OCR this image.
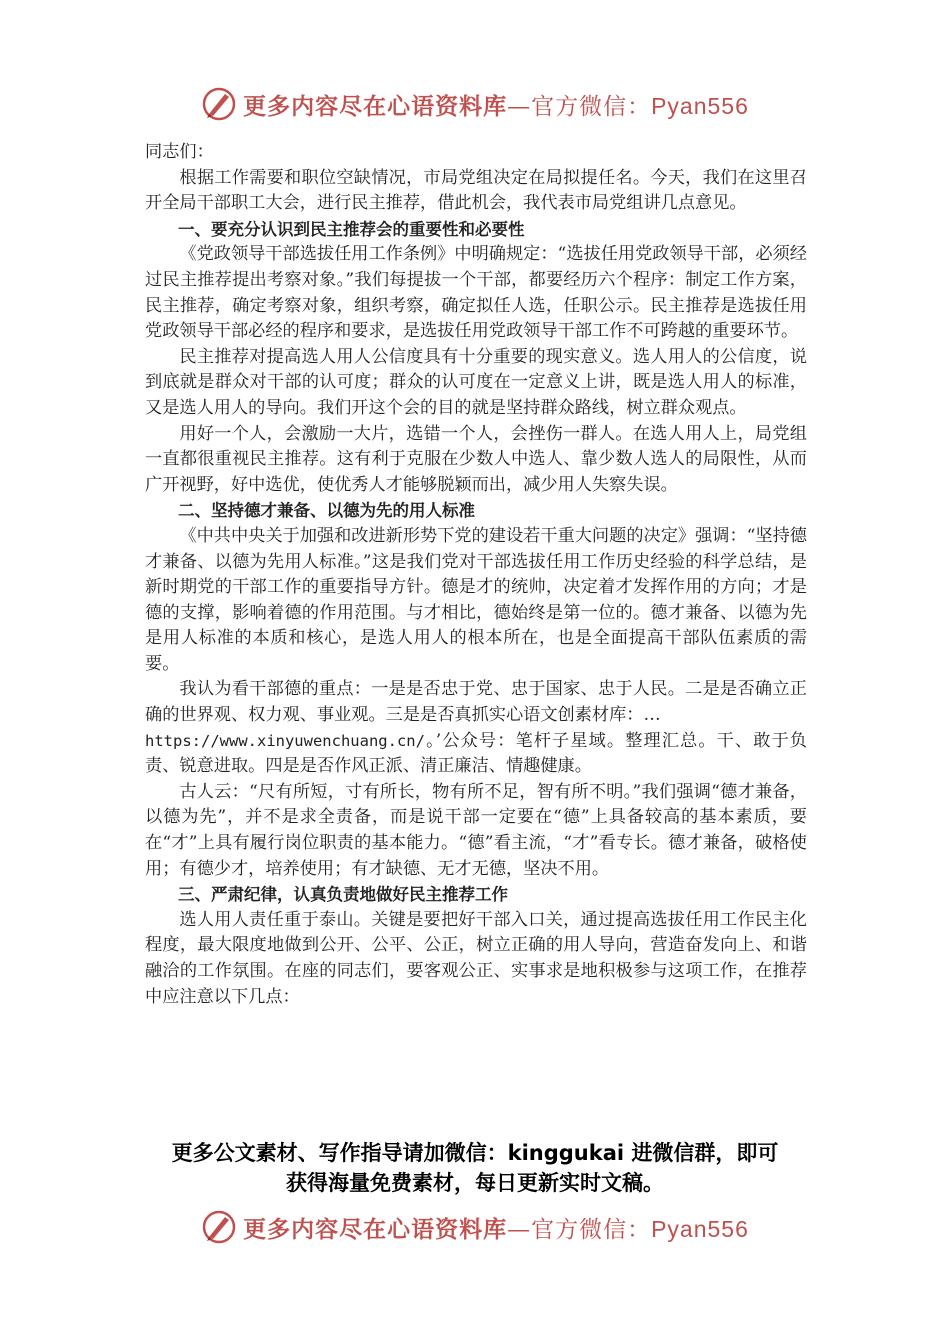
更多内容尽在心语资料库—官方微信：Pyan556

同志们：

根据工作需要和职位空缺情况，市局党组决定在局拟提任名。今天，我们在这里召开全局干部职工大会，进行民主推荐，借此机会，我代表市局党组讲几点意见。

一、要充分认识到民主推荐会的重要性和必要性

《党政领导干部选拔任用工作条例》中明确规定：“选拔任用党政领导干部，必须经过民主推荐提出考察对象。”我们每提拔一个干部，都要经历六个程序：制定工作方案，民主推荐，确定考察对象，组织考察，确定拟任人选，任职公示。民主推荐是选拔任用党政领导干部必经的程序和要求，是选拔任用党政领导干部工作不可跨越的重要环节。

民主推荐对提高选人用人公信度具有十分重要的现实意义。选人用人的公信度，说到底就是群众对干部的认可度；群众的认可度在一定意义上讲，既是选人用人的标准，又是选人用人的导向。我们开这个会的目的就是坚持群众路线，树立群众观点。

用好一个人，会激励一大片，选错一个人，会挫伤一群人。在选人用人上，局党组一直都很重视民主推荐。这有利于克服在少数人中选人、靠少数人选人的局限性，从而广开视野，好中选优，使优秀人才能够脱颖而出，减少用人失察失误。

二、坚持德才兼备、以德为先的用人标准

《中共中央关于加强和改进新形势下党的建设若干重大问题的决定》强调：“坚持德才兼备、以德为先用人标准。”这是我们党对干部选拔任用工作历史经验的科学总结，是新时期党的干部工作的重要指导方针。德是才的统帅，决定着才发挥作用的方向；才是德的支撑，影响着德的作用范围。与才相比，德始终是第一位的。德才兼备、以德为先是用人标准的本质和核心，是选人用人的根本所在，也是全面提高干部队伍素质的需要。

我认为看干部德的重点：一是是否忠于党、忠于国家、忠于人民。二是是否确立正确的世界观、权力观、事业观。三是是否真抓实心语文创素材库：…
https://www.xinyuwenchuang.cn/。’公众号：笔杆子星域。整理汇总。干、敢于负责、锐意进取。四是是否作风正派、清正廉洁、情趣健康。

古人云：“尺有所短，寸有所长，物有所不足，智有所不明。”我们强调“德才兼备，以德为先”，并不是求全责备，而是说干部一定要在“德”上具备较高的基本素质，要在“才”上具有履行岗位职责的基本能力。“德”看主流，“才”看专长。德才兼备，破格使用；有德少才，培养使用；有才缺德、无才无德，坚决不用。

三、严肃纪律，认真负责地做好民主推荐工作

选人用人责任重于泰山。关键是要把好干部入口关，通过提高选拔任用工作民主化程度，最大限度地做到公开、公平、公正，树立正确的用人导向，营造奋发向上、和谐融洽的工作氛围。在座的同志们，要客观公正、实事求是地积极参与这项工作，在推荐中应注意以下几点：

更多公文素材、写作指导请加微信：kinggukai 进微信群，即可
获得海量免费素材，每日更新实时文稿。
更多内容尽在心语资料库—官方微信：Pyan556
